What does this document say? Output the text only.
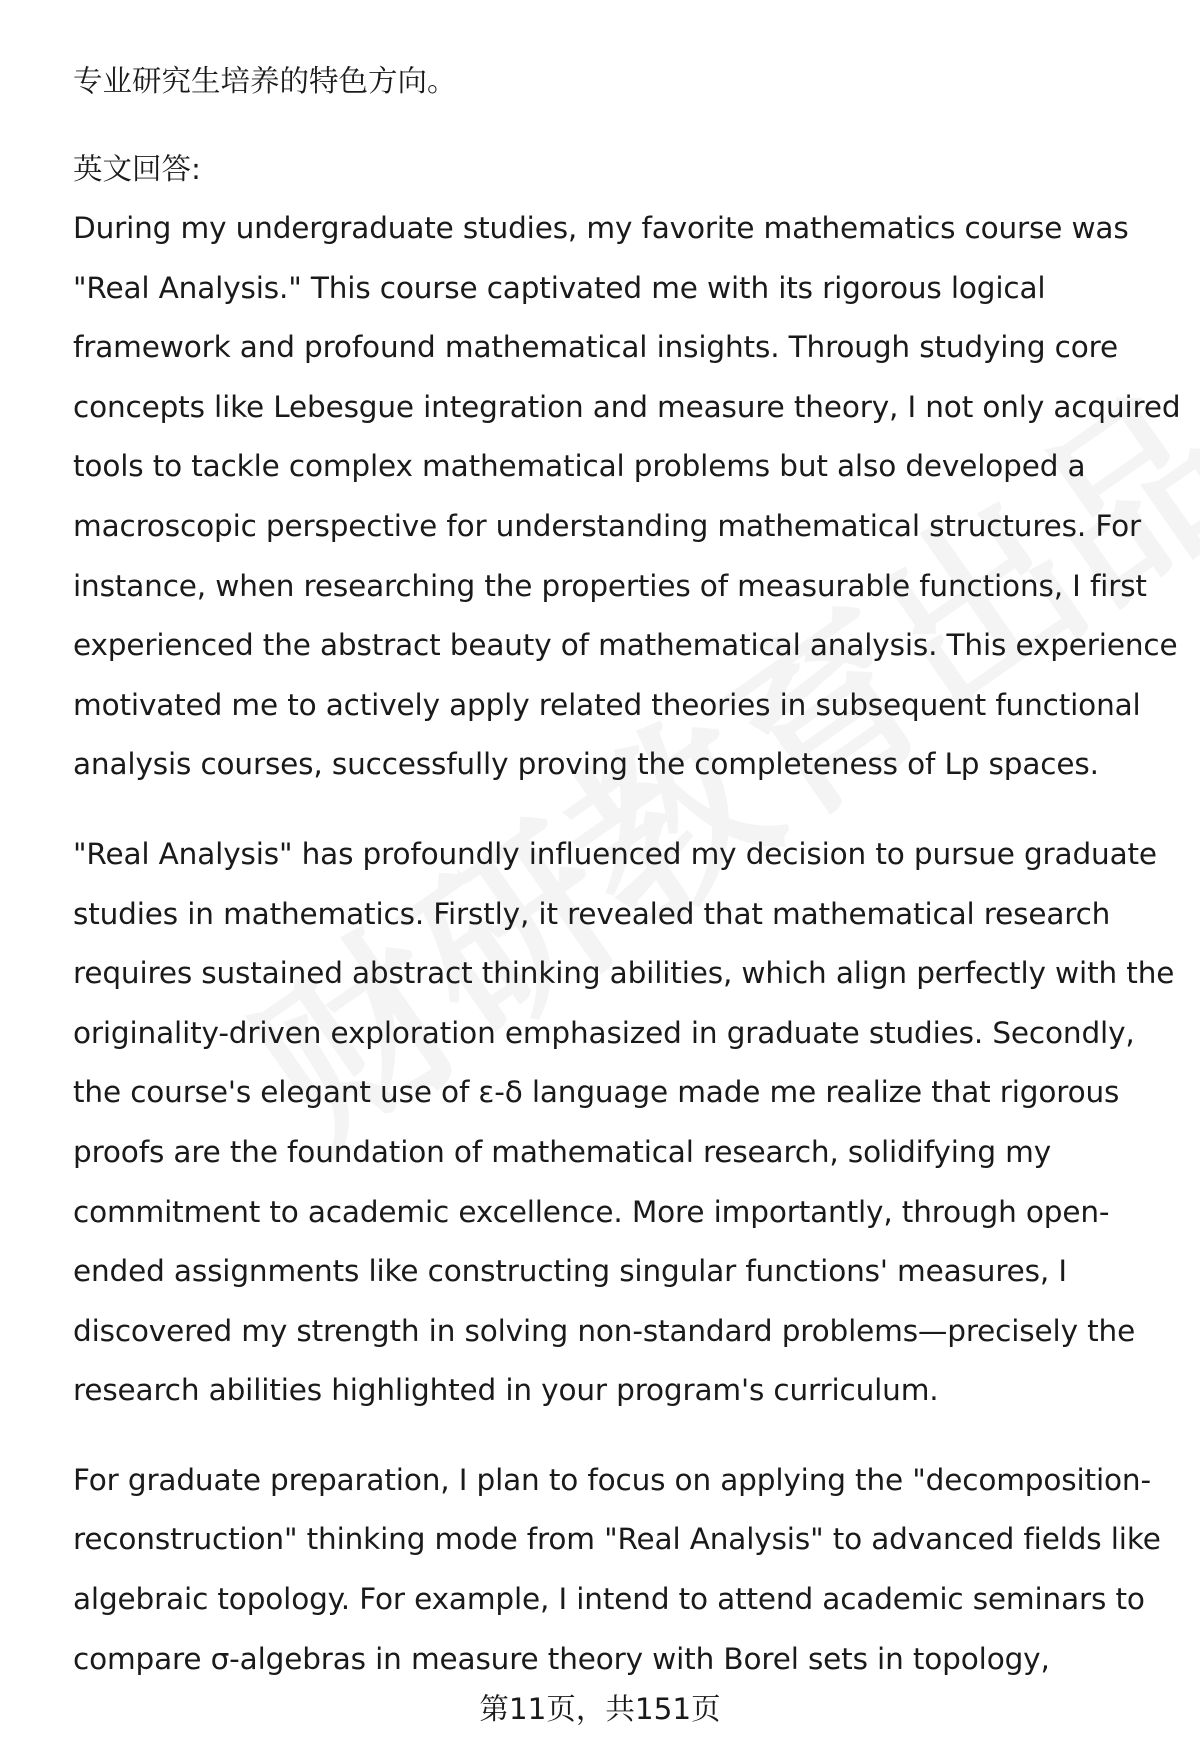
专业研究生培养的特色方向。
英文回答:
During my undergraduate studies, my favorite mathematics course was
"Real Analysis." This course captivated me with its rigorous logical
framework and profound mathematical insights. Through studying core
concepts like Lebesgue integration and measure theory, I not only acquired
tools to tackle complex mathematical problems but also developed a
macroscopic perspective for understanding mathematical structures. For
instance, when researching the properties of measurable functions, I first
experienced the abstract beauty of mathematical analysis. This experience
motivated me to actively apply related theories in subsequent functional
analysis courses, successfully proving the completeness of Lp spaces.
"Real Analysis" has profoundly influenced my decision to pursue graduate
studies in mathematics. Firstly, it revealed that mathematical research
requires sustained abstract thinking abilities, which align perfectly with the
originality-driven exploration emphasized in graduate studies. Secondly,
the course's elegant use of ε-δ language made me realize that rigorous
proofs are the foundation of mathematical research, solidifying my
commitment to academic excellence. More importantly, through open-
ended assignments like constructing singular functions' measures, I
discovered my strength in solving non-standard problems—precisely the
research abilities highlighted in your program's curriculum.
For graduate preparation, I plan to focus on applying the "decomposition-
reconstruction" thinking mode from "Real Analysis" to advanced fields like
algebraic topology. For example, I intend to attend academic seminars to
compare σ-algebras in measure theory with Borel sets in topology,
第11页，共151页
